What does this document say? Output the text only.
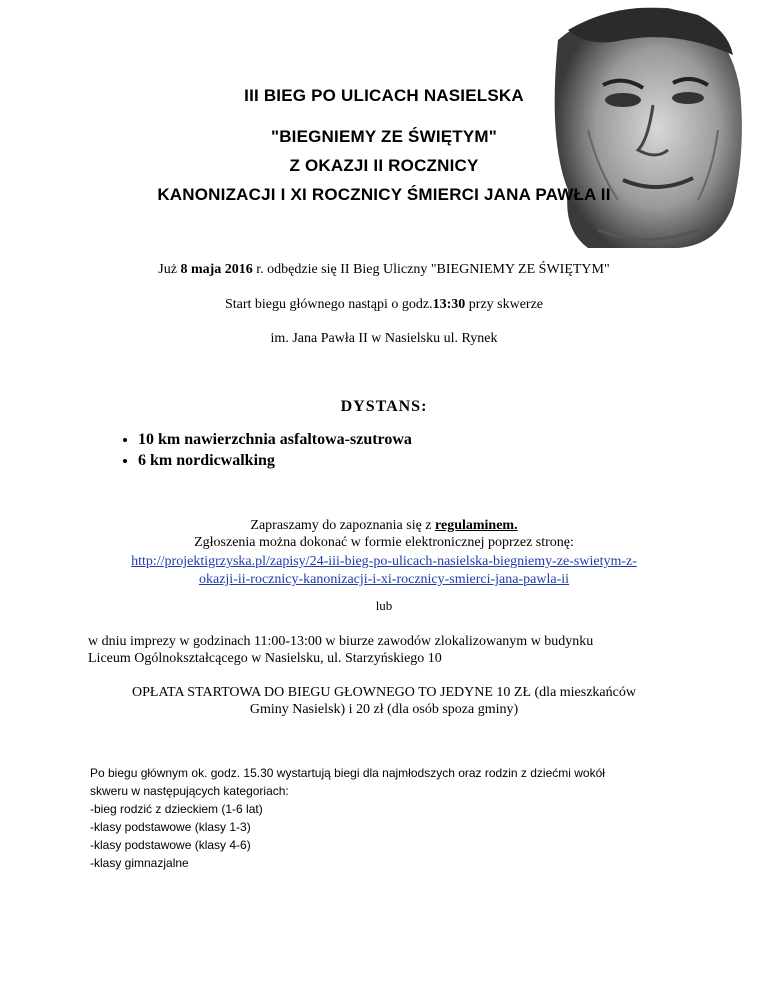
III BIEG PO ULICACH NASIELSKA
"BIEGNIEMY ZE ŚWIĘTYM"
Z OKAZJI II ROCZNICY
KANONIZACJI I XI ROCZNICY ŚMIERCI JANA PAWŁA II
Już 8 maja 2016 r. odbędzie się II Bieg Uliczny "BIEGNIEMY ZE ŚWIĘTYM"
Start biegu głównego nastąpi o godz.13:30 przy skwerze
im. Jana Pawła II w Nasielsku ul. Rynek
DYSTANS:
• 10 km nawierzchnia asfaltowa-szutrowa
• 6 km nordicwalking
Zapraszamy do zapoznania się z regulaminem.
Zgłoszenia można dokonać w formie elektronicznej poprzez stronę:
http://projektigrzyska.pl/zapisy/24-iii-bieg-po-ulicach-nasielska-biegniemy-ze-swietym-z-
okazji-ii-rocznicy-kanonizacji-i-xi-rocznicy-smierci-jana-pawla-ii
lub
w dniu imprezy w godzinach 11:00-13:00 w biurze zawodów zlokalizowanym w budynku
Liceum Ogólnokształcącego w Nasielsku, ul. Starzyńskiego 10
OPŁATA STARTOWA DO BIEGU GŁOWNEGO TO JEDYNE 10 ZŁ (dla mieszkańców
Gminy Nasielsk) i 20 zł (dla osób spoza gminy)
Po biegu głównym ok. godz. 15.30 wystartują biegi dla najmłodszych oraz rodzin z dziećmi wokół
skweru w następujących kategoriach:
-bieg rodzić z dzieckiem (1-6 lat)
-klasy podstawowe (klasy 1-3)
-klasy podstawowe (klasy 4-6)
-klasy gimnazjalne
